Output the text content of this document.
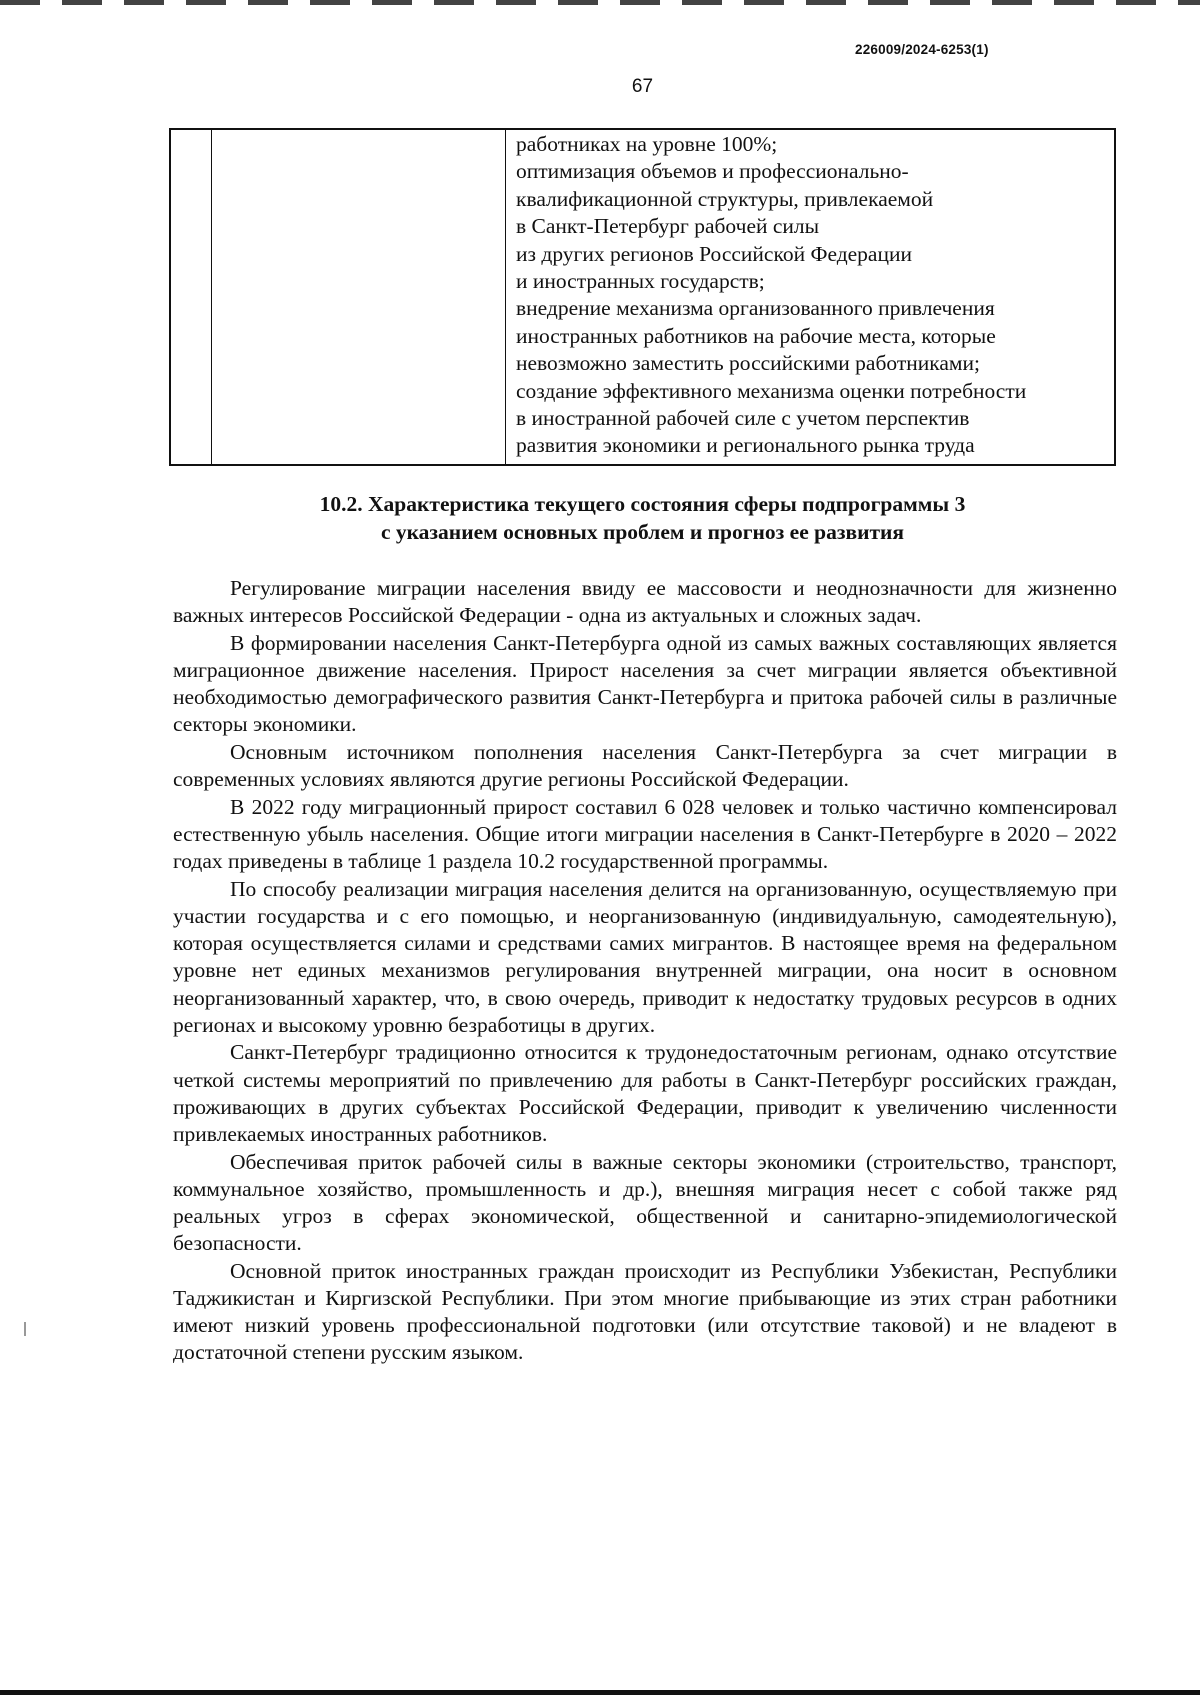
226009/2024-6253(1)
67
работниках на уровне 100%;
оптимизация объемов и профессионально-
квалификационной структуры, привлекаемой
в Санкт-Петербург рабочей силы
из других регионов Российской Федерации
и иностранных государств;
внедрение механизма организованного привлечения
иностранных работников на рабочие места, которые
невозможно заместить российскими работниками;
создание эффективного механизма оценки потребности
в иностранной рабочей силе с учетом перспектив
развития экономики и регионального рынка труда
10.2. Характеристика текущего состояния сферы подпрограммы 3
с указанием основных проблем и прогноз ее развития

Регулирование миграции населения ввиду ее массовости и неоднозначности для жизненно важных интересов Российской Федерации - одна из актуальных и сложных задач.

В формировании населения Санкт-Петербурга одной из самых важных составляющих является миграционное движение населения. Прирост населения за счет миграции является объективной необходимостью демографического развития Санкт-Петербурга и притока рабочей силы в различные секторы экономики.

Основным источником пополнения населения Санкт-Петербурга за счет миграции в современных условиях являются другие регионы Российской Федерации.

В 2022 году миграционный прирост составил 6 028 человек и только частично компенсировал естественную убыль населения. Общие итоги миграции населения в Санкт-Петербурге в 2020 – 2022 годах приведены в таблице 1 раздела 10.2 государственной программы.

По способу реализации миграция населения делится на организованную, осуществляемую при участии государства и с его помощью, и неорганизованную (индивидуальную, самодеятельную), которая осуществляется силами и средствами самих мигрантов. В настоящее время на федеральном уровне нет единых механизмов регулирования внутренней миграции, она носит в основном неорганизованный характер, что, в свою очередь, приводит к недостатку трудовых ресурсов в одних регионах и высокому уровню безработицы в других.

Санкт-Петербург традиционно относится к трудонедостаточным регионам, однако отсутствие четкой системы мероприятий по привлечению для работы в Санкт-Петербург российских граждан, проживающих в других субъектах Российской Федерации, приводит к увеличению численности привлекаемых иностранных работников.

Обеспечивая приток рабочей силы в важные секторы экономики (строительство, транспорт, коммунальное хозяйство, промышленность и др.), внешняя миграция несет с собой также ряд реальных угроз в сферах экономической, общественной и санитарно-эпидемиологической безопасности.

Основной приток иностранных граждан происходит из Республики Узбекистан, Республики Таджикистан и Киргизской Республики. При этом многие прибывающие из этих стран работники имеют низкий уровень профессиональной подготовки (или отсутствие таковой) и не владеют в достаточной степени русским языком.
